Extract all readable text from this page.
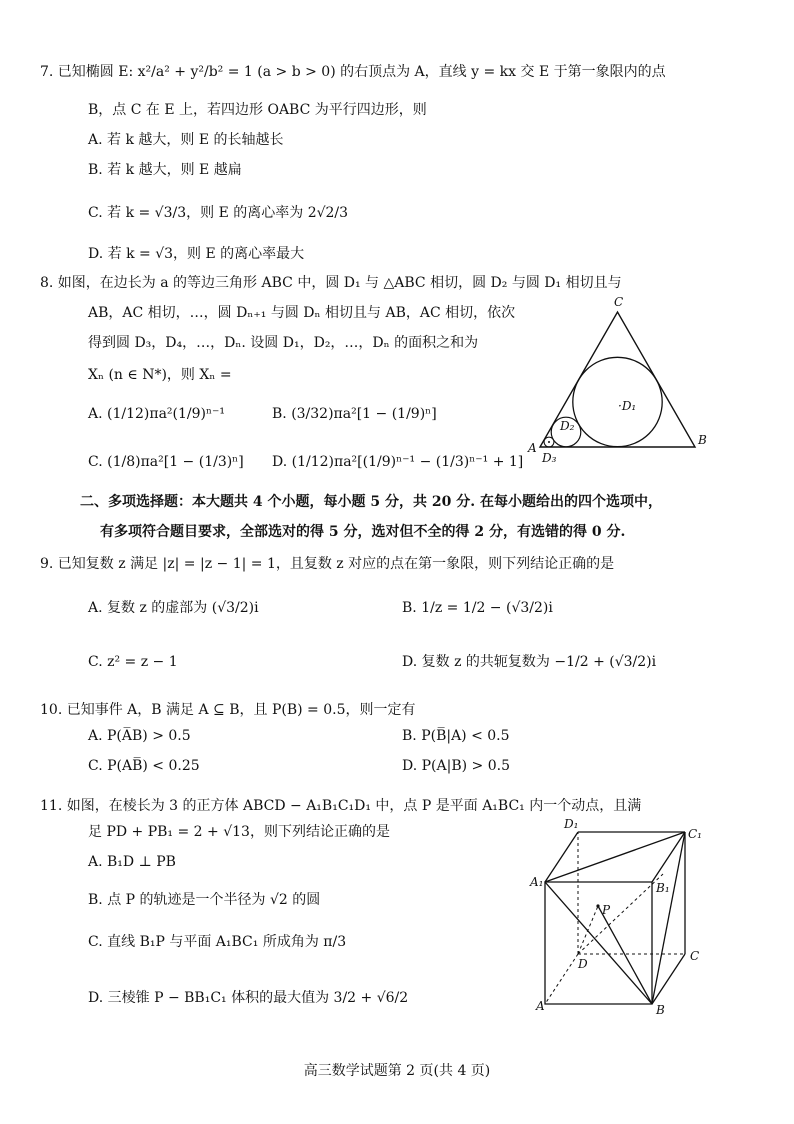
7. 已知椭圆 E: x²/a² + y²/b² = 1 (a > b > 0) 的右顶点为 A，直线 y = kx 交 E 于第一象限内的点
B，点 C 在 E 上，若四边形 OABC 为平行四边形，则
A. 若 k 越大，则 E 的长轴越长
B. 若 k 越大，则 E 越扁
C. 若 k = √3/3，则 E 的离心率为 2√2/3
D. 若 k = √3，则 E 的离心率最大
8. 如图，在边长为 a 的等边三角形 ABC 中，圆 D₁ 与 △ABC 相切，圆 D₂ 与圆 D₁ 相切且与
AB，AC 相切，…，圆 Dₙ₊₁ 与圆 Dₙ 相切且与 AB，AC 相切，依次
得到圆 D₃，D₄，…，Dₙ. 设圆 D₁，D₂，…，Dₙ 的面积之和为
Xₙ (n ∈ N*)，则 Xₙ =
A. (1/12)πa²(1/9)ⁿ⁻¹	B. (3/32)πa²[1 − (1/9)ⁿ]
C. (1/8)πa²[1 − (1/3)ⁿ] D. (1/12)πa²[(1/9)ⁿ⁻¹ − (1/3)ⁿ⁻¹ + 1]
C
A
B
·D₁
D₂
D₃
二、多项选择题：本大题共 4 个小题，每小题 5 分，共 20 分. 在每小题给出的四个选项中，
有多项符合题目要求，全部选对的得 5 分，选对但不全的得 2 分，有选错的得 0 分.
9. 已知复数 z 满足 |z| = |z − 1| = 1，且复数 z 对应的点在第一象限，则下列结论正确的是
A. 复数 z 的虚部为 (√3/2)i	B. 1/z = 1/2 − (√3/2)i
C. z² = z − 1	D. 复数 z 的共轭复数为 −1/2 + (√3/2)i
10. 已知事件 A，B 满足 A ⊆ B，且 P(B) = 0.5，则一定有
A. P(A̅B) > 0.5	B. P(B̅|A) < 0.5
C. P(AB̅) < 0.25	D. P(A|B) > 0.5
11. 如图，在棱长为 3 的正方体 ABCD − A₁B₁C₁D₁ 中，点 P 是平面 A₁BC₁ 内一个动点，且满
足 PD + PB₁ = 2 + √13，则下列结论正确的是
A. B₁D ⊥ PB
B. 点 P 的轨迹是一个半径为 √2 的圆
C. 直线 B₁P 与平面 A₁BC₁ 所成角为 π/3
D. 三棱锥 P − BB₁C₁ 体积的最大值为 3/2 + √6/2
D₁
C₁
A₁	B₁
P
D
C
A	B
高三数学试题第 2 页(共 4 页)
